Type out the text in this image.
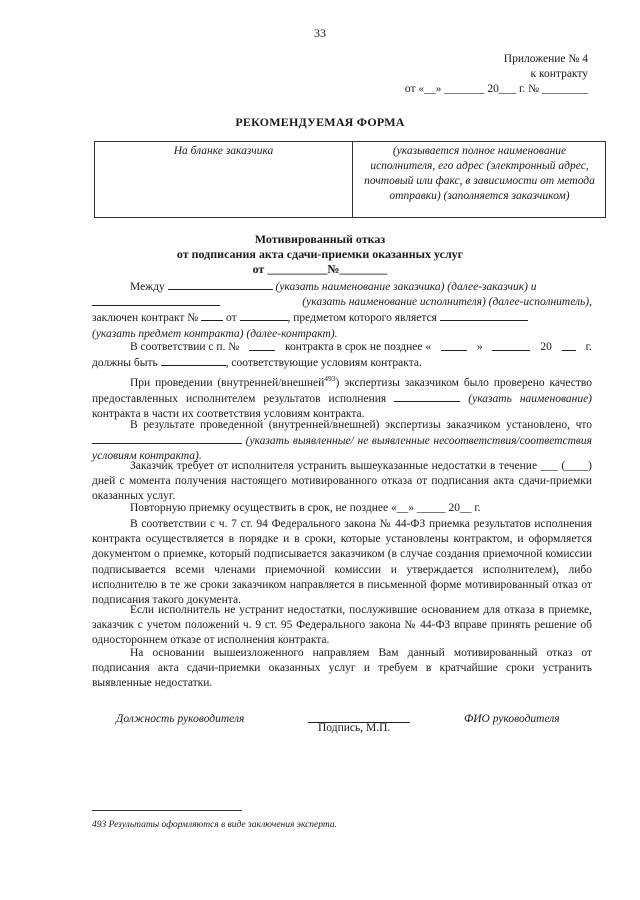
33
Приложение № 4
к контракту
от «__» _______ 20___ г. № ________
РЕКОМЕНДУЕМАЯ ФОРМА
На бланке заказчика	(указывается полное наименование исполнителя, его адрес (электронный адрес, почтовый или факс, в зависимости от метода отправки) (заполняется заказчиком)
Мотивированный отказ
от подписания акта сдачи-приемки оказанных услуг
от __________№________
Между	(указать наименование заказчика) (далее-заказчик) и
(указать наименование исполнителя) (далее-исполнитель),
заключен контракт № от	, предметом которого является
(указать предмет контракта) (далее-контракт).
В соответствии с п. №	контракта в срок не позднее «	»	20	г.
должны быть	, соответствующие условиям контракта.
При проведении (внутренней/внешней$^{493}$) экспертизы заказчиком было проверено качество предоставленных исполнителем результатов исполнения	(указать наименование) контракта в части их соответствия условиям контракта.
В результате проведенной (внутренней/внешней) экспертизы заказчиком установлено, что  (указать выявленные/ не выявленные несоответствия/соответствия условиям контракта).
Заказчик требует от исполнителя устранить вышеуказанные недостатки в течение ___ (____) дней с момента получения настоящего мотивированного отказа от подписания акта сдачи-приемки оказанных услуг.
Повторную приемку осуществить в срок, не позднее «__» _____ 20__ г.
В соответствии с ч. 7 ст. 94 Федерального закона № 44-ФЗ приемка результатов исполнения контракта осуществляется в порядке и в сроки, которые установлены контрактом, и оформляется документом о приемке, который подписывается заказчиком (в случае создания приемочной комиссии подписывается всеми членами приемочной комиссии и утверждается исполнителем), либо исполнителю в те же сроки заказчиком направляется в письменной форме мотивированный отказ от подписания такого документа.
Если исполнитель не устранит недостатки, послужившие основанием для отказа в приемке, заказчик с учетом положений ч. 9 ст. 95 Федерального закона № 44-ФЗ вправе принять решение об одностороннем отказе от исполнения контракта.
На основании вышеизложенного направляем Вам данный мотивированный отказ от подписания акта сдачи-приемки оказанных услуг и требуем в кратчайшие сроки устранить выявленные недостатки.
Должность руководителя
Подпись, М.П.
ФИО руководителя
493 Результаты оформляются в виде заключения эксперта.
